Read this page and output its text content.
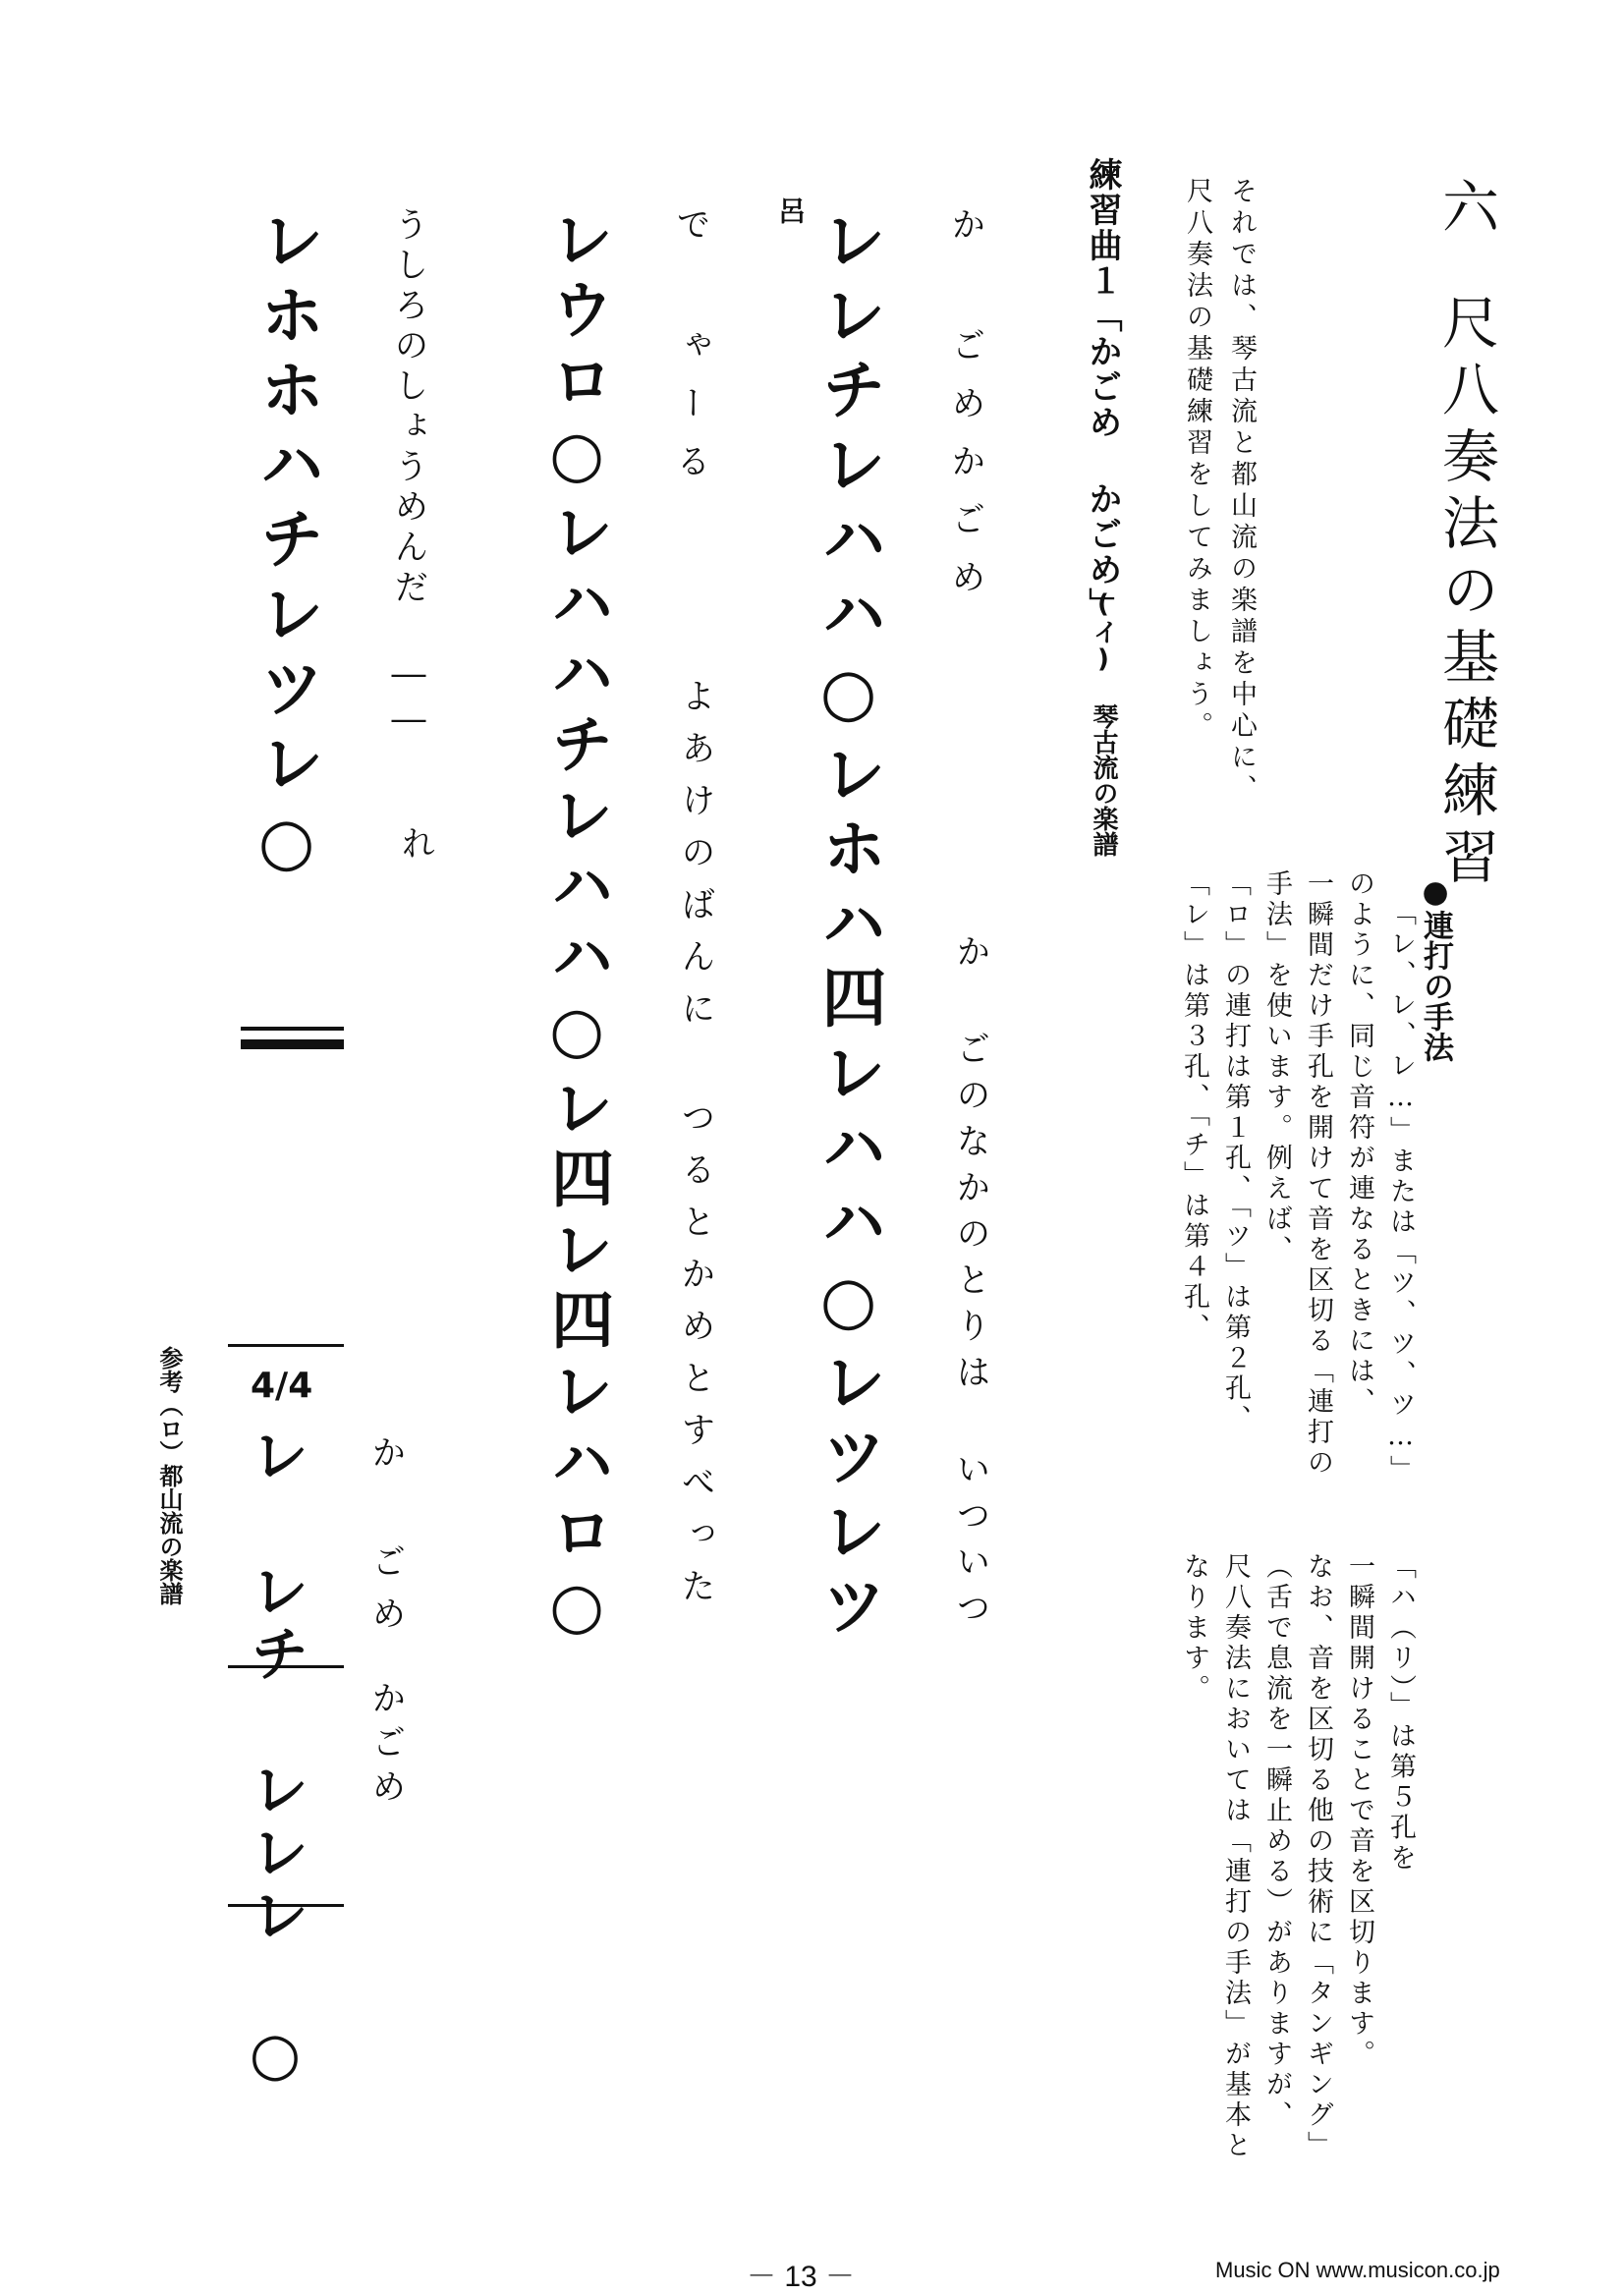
六尺八奏法の基礎練習
それでは、琴古流と都山流の楽譜を中心に、
尺八奏法の基礎練習をしてみましょう。
●連打の手法
「レ、レ、レ…」または「ツ、ツ、ツ…」
のように、同じ音符が連なるときには、
一瞬間だけ手孔を開けて音を区切る「連打の
手法」を使います。例えば、
「ロ」の連打は第１孔、「ツ」は第２孔、
「レ」は第３孔、「チ」は第４孔、
「ハ（リ）」は第５孔を
一瞬間開けることで音を区切ります。
なお、音を区切る他の技術に「タンギング」
（舌で息流を一瞬止める）がありますが、
尺八奏法においては「連打の手法」が基本と
なります。
練習曲１「かごめ かごめ」
(イ) 琴古流の楽譜
か ごめかごめ
か ごのなかのとりは いついつ
呂 レレチレハハ○レホハ四レハハ○レツレツ
で ゃーる
よあけのばんに つるとかめとすべった
レウロ○レハハチレハハ○レ四レ四レハロ○
うしろのしょうめんだ ――
れ
レホホハチレツレ○
参考（ロ）都山流の楽譜 4/4
か ごめ
かごめ
レ レチ レレレ ○
－ 13 －	Music ON www.musicon.co.jp
